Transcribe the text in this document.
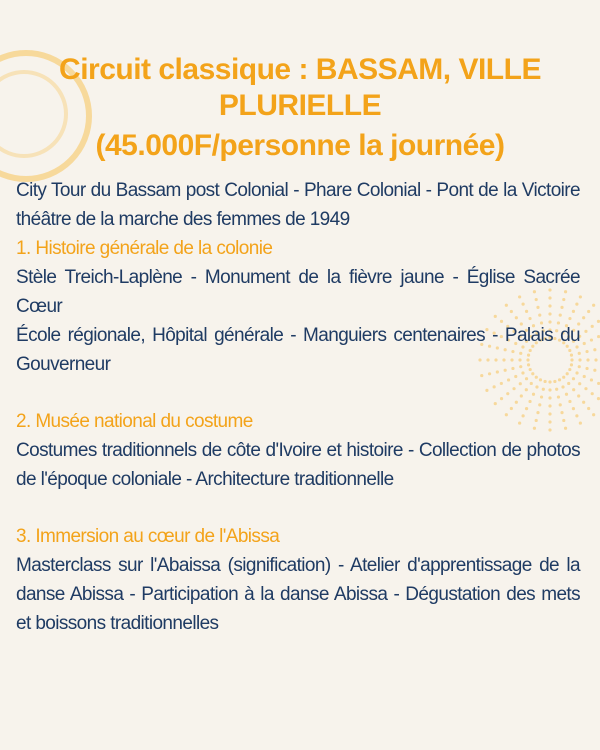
Circuit classique : BASSAM, VILLE PLURIELLE
(45.000F/personne la journée)

City Tour du Bassam post Colonial - Phare Colonial - Pont de la Victoire théâtre de la marche des femmes de 1949

1. Histoire générale de la colonie

Stèle Treich-Laplène - Monument de la fièvre jaune - Église Sacrée Cœur

École régionale, Hôpital générale - Manguiers centenaires - Palais du Gouverneur

2. Musée national du costume

Costumes traditionnels de côte d'Ivoire et histoire - Collection de photos de l'époque coloniale - Architecture traditionnelle

3. Immersion au cœur de l'Abissa

Masterclass sur l'Abaissa (signification) - Atelier d'apprentissage de la danse Abissa - Participation à la danse Abissa - Dégustation des mets et boissons traditionnelles
